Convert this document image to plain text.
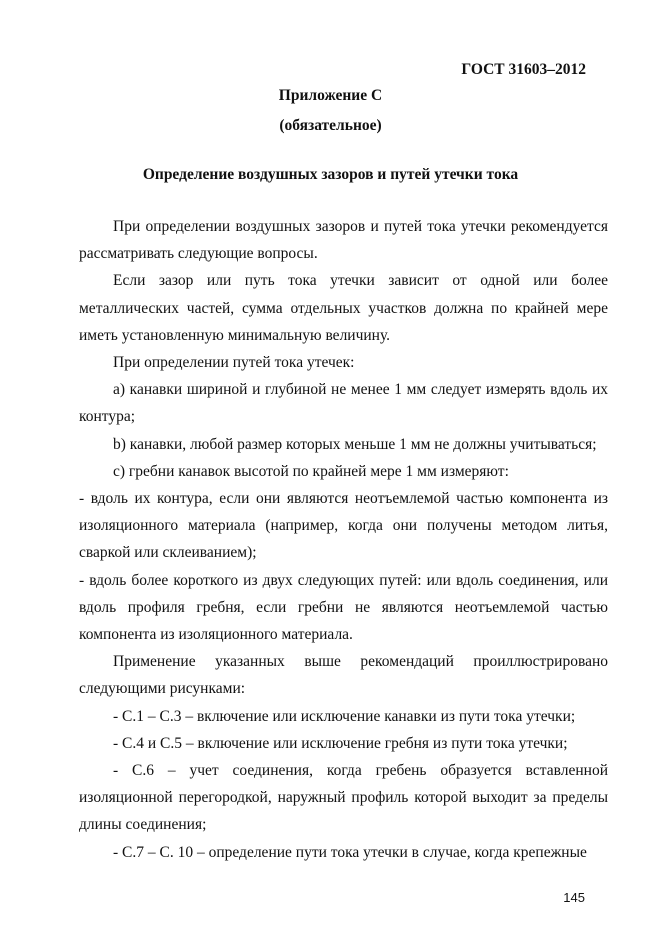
ГОСТ 31603–2012
Приложение С
(обязательное)
Определение воздушных зазоров и путей утечки тока

При определении воздушных зазоров и путей тока утечки рекомендуется рассматривать следующие вопросы.

Если зазор или путь тока утечки зависит от одной или более металлических частей, сумма отдельных участков должна по крайней мере иметь установленную минимальную величину.

При определении путей тока утечек:

а) канавки шириной и глубиной не менее 1 мм следует измерять вдоль их контура;

b) канавки, любой размер которых меньше 1 мм не должны учитываться;

с) гребни канавок высотой по крайней мере 1 мм измеряют:

- вдоль их контура, если они являются неотъемлемой частью компонента из изоляционного материала (например, когда они получены методом литья, сваркой или склеиванием);

- вдоль более короткого из двух следующих путей: или вдоль соединения, или вдоль профиля гребня, если гребни не являются неотъемлемой частью компонента из изоляционного материала.

Применение указанных выше рекомендаций проиллюстрировано следующими рисунками:

- С.1 – С.3 – включение или исключение канавки из пути тока утечки;

- С.4 и С.5 – включение или исключение гребня из пути тока утечки;

- С.6 – учет соединения, когда гребень образуется вставленной изоляционной перегородкой, наружный профиль которой выходит за пределы длины соединения;

- С.7 – С. 10 – определение пути тока утечки в случае, когда крепежные

145
